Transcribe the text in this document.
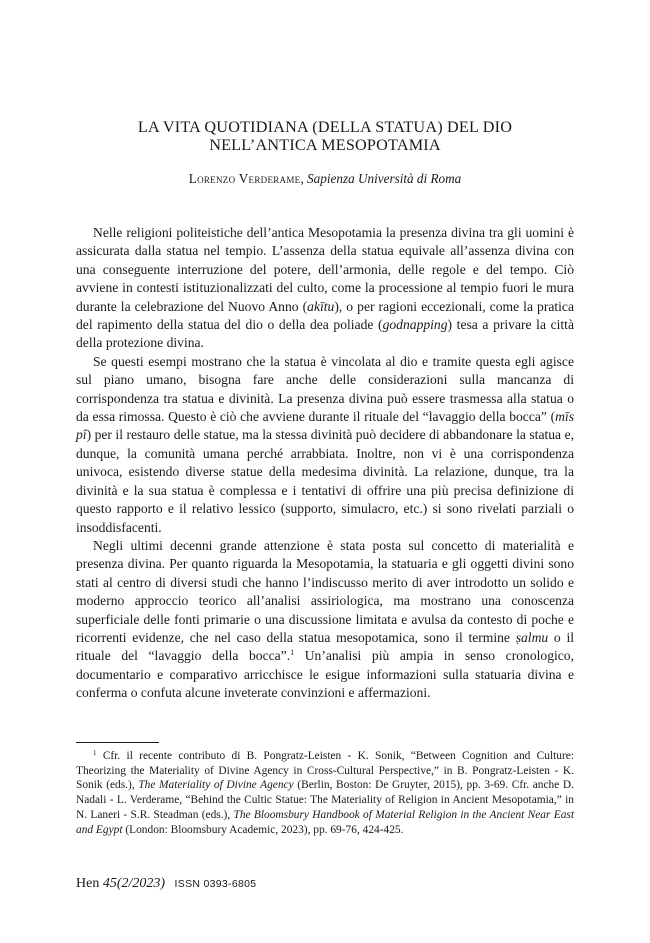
LA VITA QUOTIDIANA (DELLA STATUA) DEL DIO
NELL’ANTICA MESOPOTAMIA
Lorenzo Verderame, Sapienza Università di Roma

Nelle religioni politeistiche dell’antica Mesopotamia la presenza divina tra gli uomini è assicurata dalla statua nel tempio. L’assenza della statua equivale all’assenza divina con una conseguente interruzione del potere, dell’armonia, delle regole e del tempo. Ciò avviene in contesti istituzionalizzati del culto, come la processione al tempio fuori le mura durante la celebrazione del Nuovo Anno (akītu), o per ragioni eccezionali, come la pratica del rapimento della statua del dio o della dea poliade (godnapping) tesa a privare la città della protezione divina.

Se questi esempi mostrano che la statua è vincolata al dio e tramite questa egli agisce sul piano umano, bisogna fare anche delle considerazioni sulla mancanza di corrispondenza tra statua e divinità. La presenza divina può essere trasmessa alla statua o da essa rimossa. Questo è ciò che avviene durante il rituale del “lavaggio della bocca” (mīs pî) per il restauro delle statue, ma la stessa divinità può decidere di abbandonare la statua e, dunque, la comunità umana perché arrabbiata. Inoltre, non vi è una corrispondenza univoca, esistendo diverse statue della medesima divinità. La relazione, dunque, tra la divinità e la sua statua è complessa e i tentativi di offrire una più precisa definizione di questo rapporto e il relativo lessico (supporto, simulacro, etc.) si sono rivelati parziali o insoddisfacenti.

Negli ultimi decenni grande attenzione è stata posta sul concetto di materialità e presenza divina. Per quanto riguarda la Mesopotamia, la statuaria e gli oggetti divini sono stati al centro di diversi studi che hanno l’indiscusso merito di aver introdotto un solido e moderno approccio teorico all’analisi assiriologica, ma mostrano una conoscenza superficiale delle fonti primarie o una discussione limitata e avulsa da contesto di poche e ricorrenti evidenze, che nel caso della statua mesopotamica, sono il termine ṣalmu o il rituale del “lavaggio della bocca”.$^1$ Un’analisi più ampia in senso cronologico, documentario e comparativo arricchisce le esigue informazioni sulla statuaria divina e conferma o confuta alcune inveterate convinzioni e affermazioni.

$^1$ Cfr. il recente contributo di B. Pongratz-Leisten - K. Sonik, “Between Cognition and Culture: Theorizing the Materiality of Divine Agency in Cross-Cultural Perspective,” in B. Pongratz-Leisten - K. Sonik (eds.), The Materiality of Divine Agency (Berlin, Boston: De Gruyter, 2015), pp. 3-69. Cfr. anche D. Nadali - L. Verderame, “Behind the Cultic Statue: The Materiality of Religion in Ancient Mesopotamia,” in N. Laneri - S.R. Steadman (eds.), The Bloomsbury Handbook of Material Religion in the Ancient Near East and Egypt (London: Bloomsbury Academic, 2023), pp. 69-76, 424-425.

Hen 45(2/2023) ISSN 0393-6805
